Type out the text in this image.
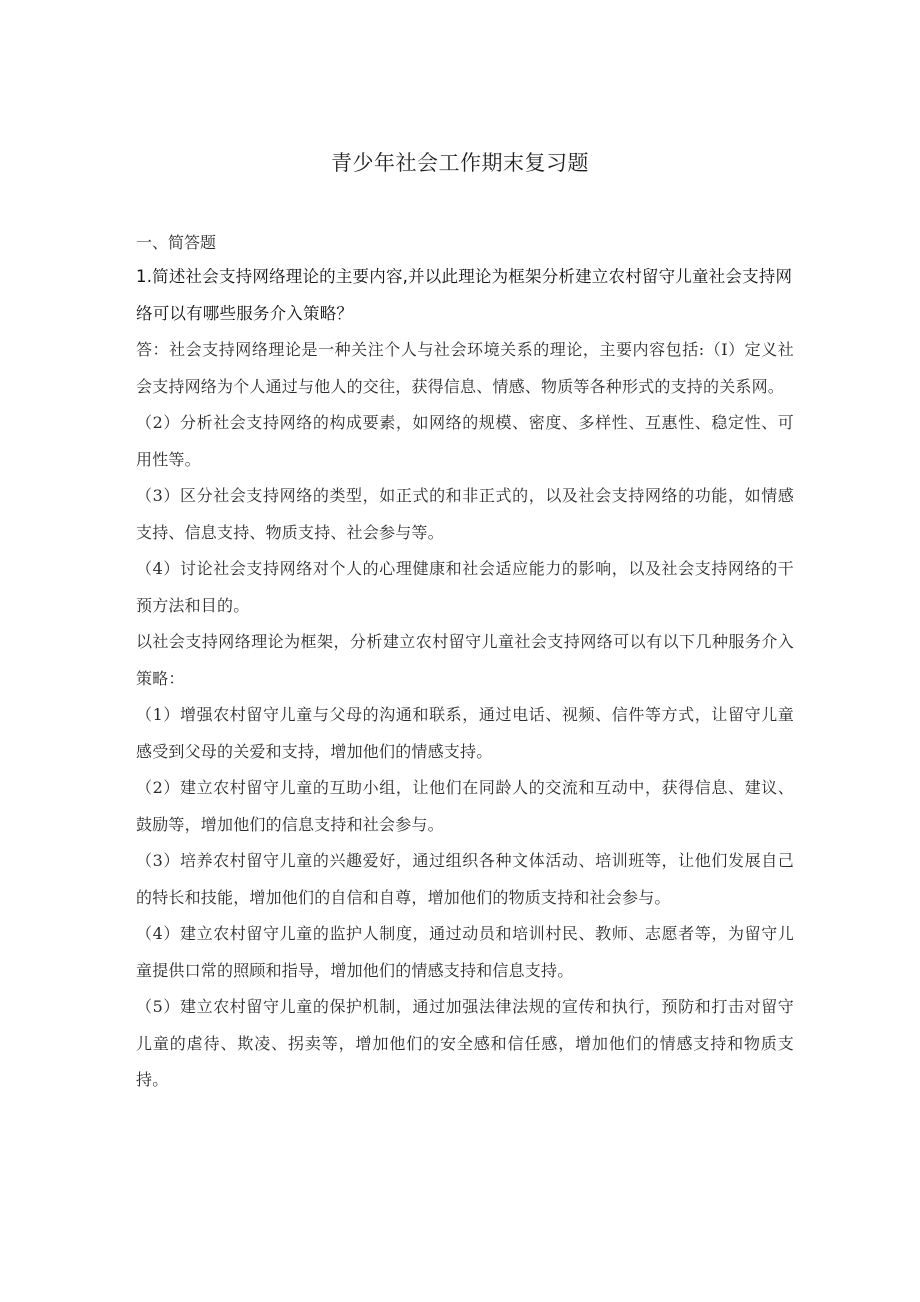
青少年社会工作期末复习题

一、简答题

1.简述社会支持网络理论的主要内容,并以此理论为框架分析建立农村留守儿童社会支持网络可以有哪些服务介入策略？

答：社会支持网络理论是一种关注个人与社会环境关系的理论，主要内容包括:（I）定义社会支持网络为个人通过与他人的交往，获得信息、情感、物质等各种形式的支持的关系网。

（2）分析社会支持网络的构成要素，如网络的规模、密度、多样性、互惠性、稳定性、可用性等。

（3）区分社会支持网络的类型，如正式的和非正式的，以及社会支持网络的功能，如情感支持、信息支持、物质支持、社会参与等。

（4）讨论社会支持网络对个人的心理健康和社会适应能力的影响，以及社会支持网络的干预方法和目的。

以社会支持网络理论为框架，分析建立农村留守儿童社会支持网络可以有以下几种服务介入策略：

（1）增强农村留守儿童与父母的沟通和联系，通过电话、视频、信件等方式，让留守儿童感受到父母的关爱和支持，增加他们的情感支持。

（2）建立农村留守儿童的互助小组，让他们在同龄人的交流和互动中，获得信息、建议、鼓励等，增加他们的信息支持和社会参与。

（3）培养农村留守儿童的兴趣爱好，通过组织各种文体活动、培训班等，让他们发展自己的特长和技能，增加他们的自信和自尊，增加他们的物质支持和社会参与。

（4）建立农村留守儿童的监护人制度，通过动员和培训村民、教师、志愿者等，为留守儿童提供口常的照顾和指导，增加他们的情感支持和信息支持。

（5）建立农村留守儿童的保护机制，通过加强法律法规的宣传和执行，预防和打击对留守儿童的虐待、欺凌、拐卖等，增加他们的安全感和信任感，增加他们的情感支持和物质支持。
